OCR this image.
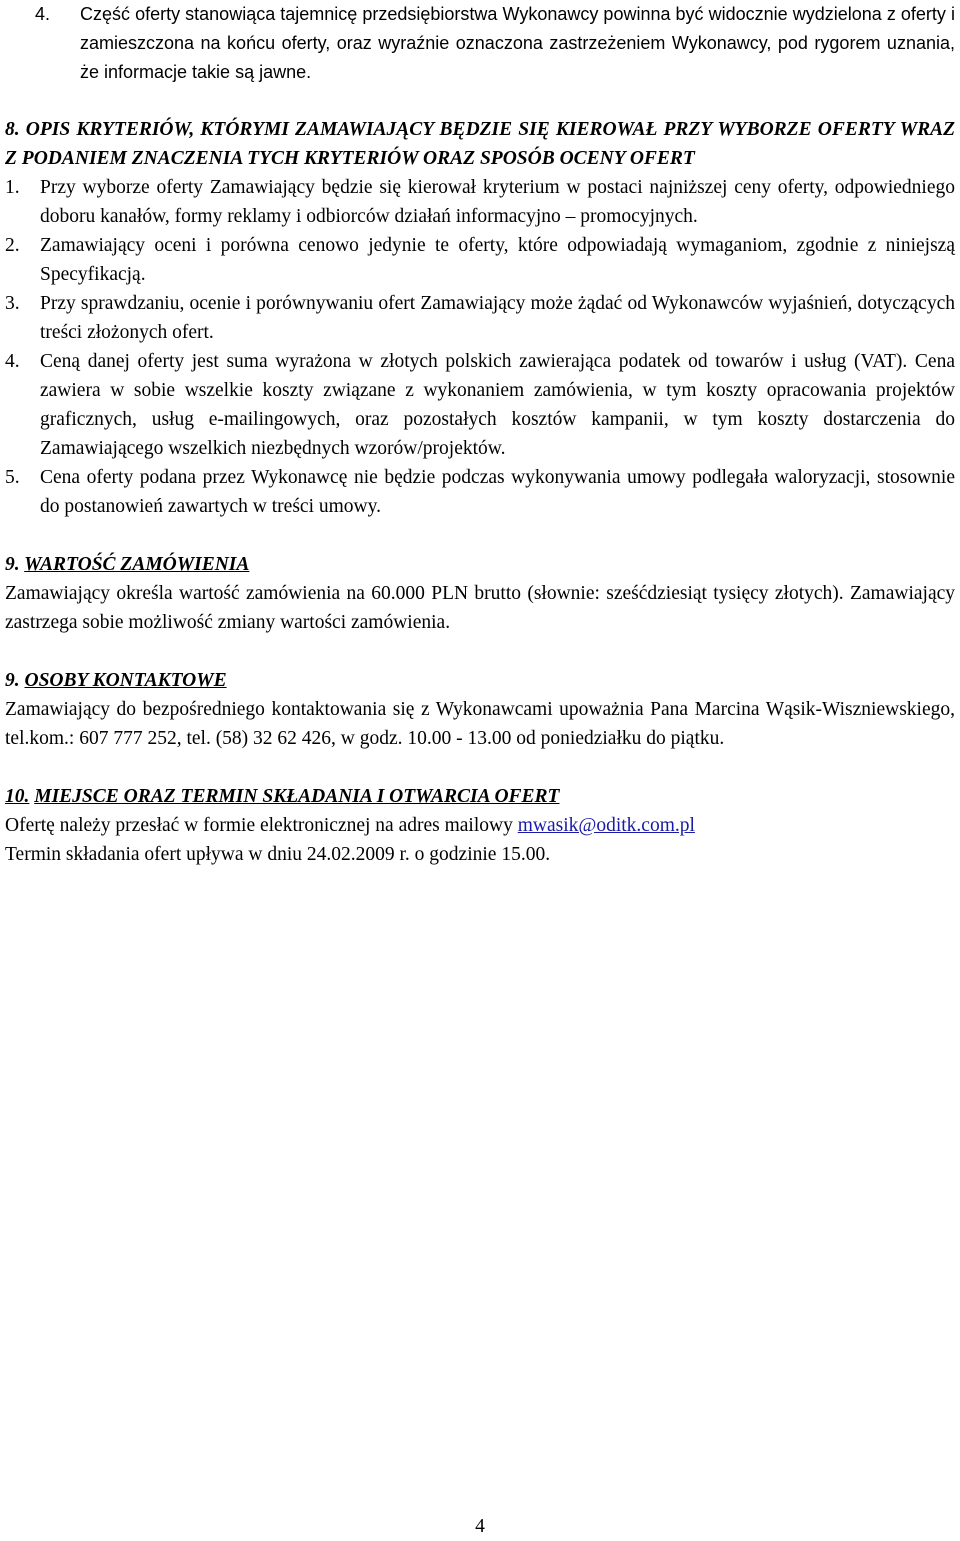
4.	Część oferty stanowiąca tajemnicę przedsiębiorstwa Wykonawcy powinna być widocznie wydzielona z oferty i zamieszczona na końcu oferty, oraz wyraźnie oznaczona zastrzeżeniem Wykonawcy, pod rygorem uznania, że informacje takie są jawne.
8. OPIS KRYTERIÓW, KTÓRYMI ZAMAWIAJĄCY BĘDZIE SIĘ KIEROWAŁ PRZY WYBORZE OFERTY WRAZ Z PODANIEM ZNACZENIA TYCH KRYTERIÓW ORAZ SPOSÓB OCENY OFERT
1.	Przy wyborze oferty Zamawiający będzie się kierował kryterium w postaci najniższej ceny oferty, odpowiedniego doboru kanałów, formy reklamy i odbiorców działań informacyjno – promocyjnych.
2.	Zamawiający oceni i porówna cenowo jedynie te oferty, które odpowiadają wymaganiom, zgodnie z niniejszą Specyfikacją.
3.	Przy sprawdzaniu, ocenie i porównywaniu ofert Zamawiający może żądać od Wykonawców wyjaśnień, dotyczących treści złożonych ofert.
4.	Ceną danej oferty jest suma wyrażona w złotych polskich zawierająca podatek od towarów i usług (VAT). Cena zawiera w sobie wszelkie koszty związane z wykonaniem zamówienia, w tym koszty opracowania projektów graficznych, usług e-mailingowych, oraz pozostałych kosztów kampanii, w tym koszty dostarczenia do Zamawiającego wszelkich niezbędnych wzorów/projektów.
5.	Cena oferty podana przez Wykonawcę nie będzie podczas wykonywania umowy podlegała waloryzacji, stosownie do postanowień zawartych w treści umowy.
9. WARTOŚĆ ZAMÓWIENIA
Zamawiający określa wartość zamówienia na 60.000 PLN brutto (słownie: sześćdziesiąt tysięcy złotych). Zamawiający zastrzega sobie możliwość zmiany wartości zamówienia.
9. OSOBY KONTAKTOWE
Zamawiający do bezpośredniego kontaktowania się z Wykonawcami upoważnia Pana Marcina Wąsik-Wiszniewskiego, tel.kom.: 607 777 252, tel. (58) 32 62 426, w godz. 10.00 - 13.00 od poniedziałku do piątku.
10. MIEJSCE ORAZ TERMIN SKŁADANIA I OTWARCIA OFERT
Ofertę należy przesłać w formie elektronicznej na adres mailowy mwasik@oditk.com.pl
Termin składania ofert upływa w dniu 24.02.2009 r. o godzinie 15.00.
4
